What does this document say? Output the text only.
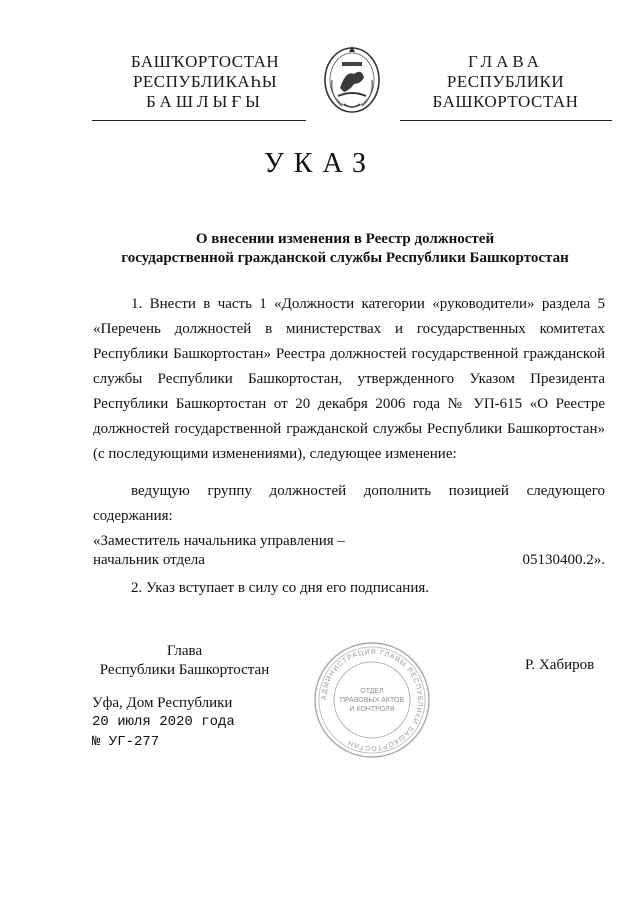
БАШҠОРТОСТАН
РЕСПУБЛИКАҺЫ
БАШЛЫҒЫ
ГЛАВА
РЕСПУБЛИКИ
БАШКОРТОСТАН
УКАЗ
О внесении изменения в Реестр должностей
государственной гражданской службы Республики Башкортостан
1. Внести в часть 1 «Должности категории «руководители» раздела 5 «Перечень должностей в министерствах и государственных комитетах Республики Башкортостан» Реестра должностей государственной гражданской службы Республики Башкортостан, утвержденного Указом Президента Республики Башкортостан от 20 декабря 2006 года № УП-615 «О Реестре должностей государственной гражданской службы Республики Башкортостан» (с последующими изменениями), следующее изменение:
ведущую группу должностей дополнить позицией следующего содержания:
«Заместитель начальника управления –
начальник отдела	05130400.2».
2. Указ вступает в силу со дня его подписания.
Глава
Республики Башкортостан
АДМИНИСТРАЦИЯ ГЛАВЫ РЕСПУБЛИКИ БАШКОРТОСТАН
ОТДЕЛ
ПРАВОВЫХ АКТОВ
И КОНТРОЛЯ
Р. Хабиров
Уфа, Дом Республики
20 июля 2020 года
№ УГ-277
